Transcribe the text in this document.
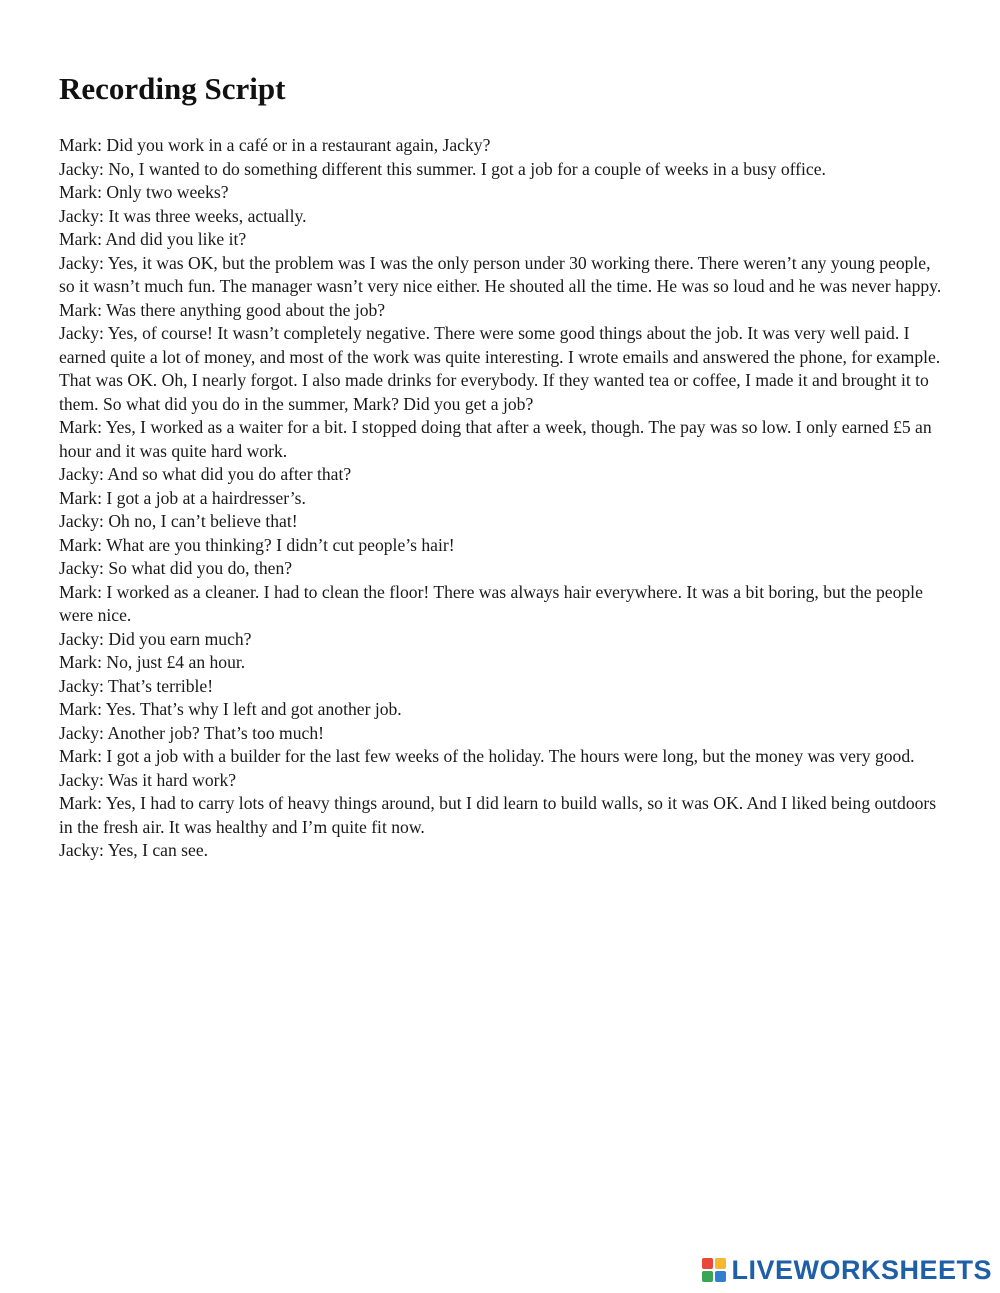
Recording Script
Mark: Did you work in a café or in a restaurant again, Jacky?
Jacky: No, I wanted to do something different this summer. I got a job for a couple of weeks in a busy office.
Mark: Only two weeks?
Jacky: It was three weeks, actually.
Mark: And did you like it?
Jacky: Yes, it was OK, but the problem was I was the only person under 30 working there. There weren’t any young people, so it wasn’t much fun. The manager wasn’t very nice either. He shouted all the time. He was so loud and he was never happy.
Mark: Was there anything good about the job?
Jacky: Yes, of course! It wasn’t completely negative. There were some good things about the job. It was very well paid. I earned quite a lot of money, and most of the work was quite interesting. I wrote emails and answered the phone, for example. That was OK. Oh, I nearly forgot. I also made drinks for everybody. If they wanted tea or coffee, I made it and brought it to them. So what did you do in the summer, Mark? Did you get a job?
Mark: Yes, I worked as a waiter for a bit. I stopped doing that after a week, though. The pay was so low. I only earned £5 an hour and it was quite hard work.
Jacky: And so what did you do after that?
Mark: I got a job at a hairdresser’s.
Jacky: Oh no, I can’t believe that!
Mark: What are you thinking? I didn’t cut people’s hair!
Jacky: So what did you do, then?
Mark: I worked as a cleaner. I had to clean the floor! There was always hair everywhere. It was a bit boring, but the people were nice.
Jacky: Did you earn much?
Mark: No, just £4 an hour.
Jacky: That’s terrible!
Mark: Yes. That’s why I left and got another job.
Jacky: Another job? That’s too much!
Mark: I got a job with a builder for the last few weeks of the holiday. The hours were long, but the money was very good.
Jacky: Was it hard work?
Mark: Yes, I had to carry lots of heavy things around, but I did learn to build walls, so it was OK. And I liked being outdoors in the fresh air. It was healthy and I’m quite fit now.
Jacky: Yes, I can see.
LIVEWORKSHEETS
